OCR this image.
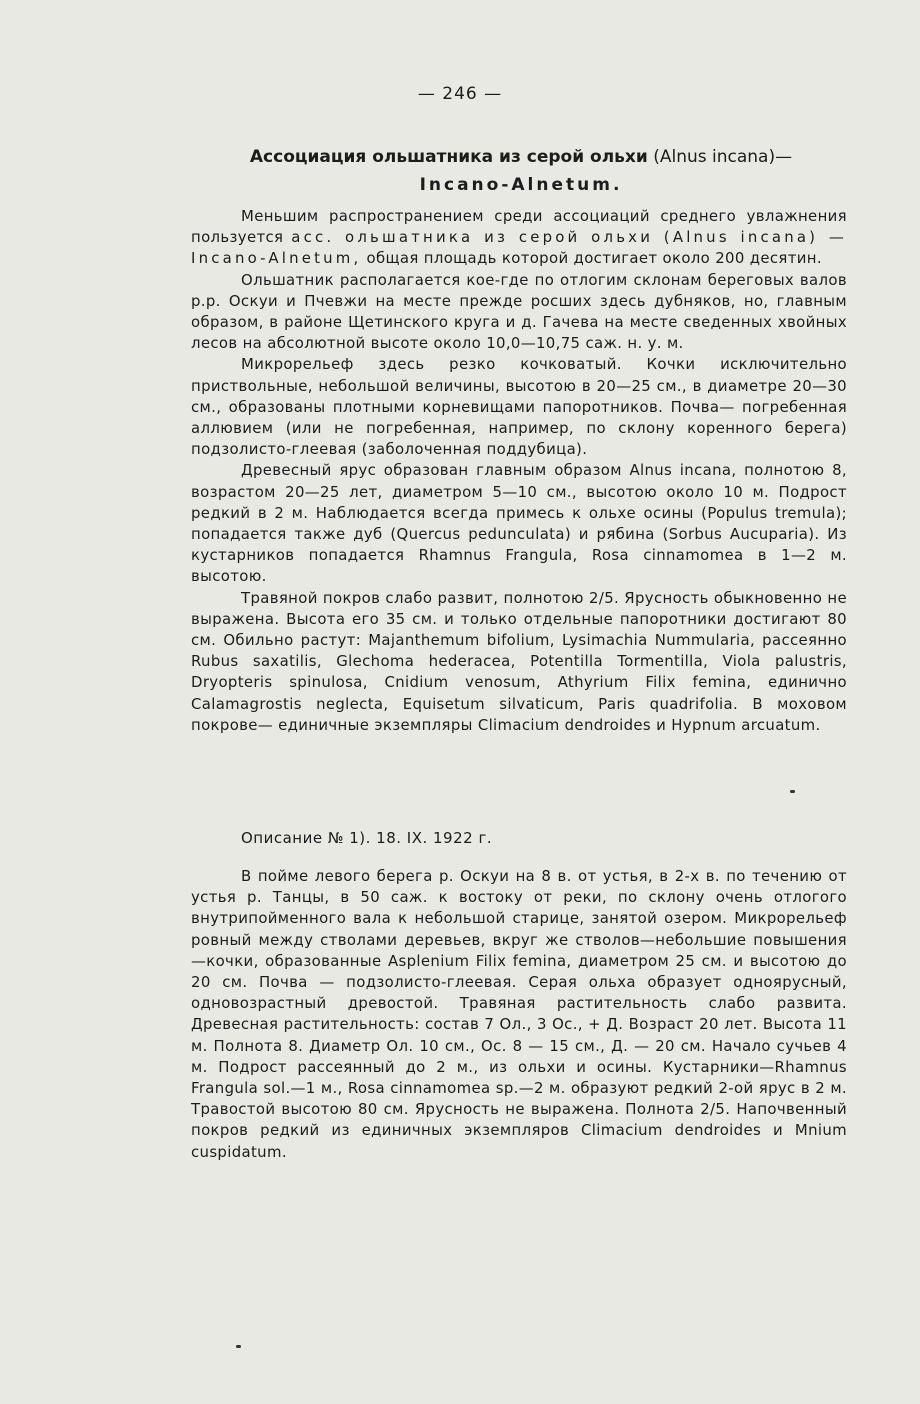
— 246 —
Ассоциация ольшатника из серой ольхи (Alnus incana)—
Incano-Alnetum.

Меньшим распространением среди ассоциаций среднего увлажнения пользуется асс. ольшатника из серой ольхи (Alnus incana) — Incano-Alnetum, общая площадь которой достигает около 200 десятин.

Ольшатник располагается кое-где по отлогим склонам береговых валов р.р. Оскуи и Пчевжи на месте прежде росших здесь дубняков, но, главным образом, в районе Щетинского круга и д. Гачева на месте сведенных хвойных лесов на абсолютной высоте около 10,0—10,75 саж. н. у. м.

Микрорельеф здесь резко кочковатый. Кочки исключительно приствольные, небольшой величины, высотою в 20—25 см., в диаметре 20—30 см., образованы плотными корневищами папоротников. Почва— погребенная аллювием (или не погребенная, например, по склону коренного берега) подзолисто-глеевая (заболоченная поддубица).

Древесный ярус образован главным образом Alnus incana, полнотою 8, возрастом 20—25 лет, диаметром 5—10 см., высотою около 10 м. Подрост редкий в 2 м. Наблюдается всегда примесь к ольхе осины (Populus tremula); попадается также дуб (Quercus pedunculata) и рябина (Sorbus Aucuparia). Из кустарников попадается Rhamnus Frangula, Rosa cinnamomea в 1—2 м. высотою.

Травяной покров слабо развит, полнотою 2/5. Ярусность обыкновенно не выражена. Высота его 35 см. и только отдельные папоротники достигают 80 см. Обильно растут: Majanthemum bifolium, Lysimachia Nummularia, рассеянно Rubus saxatilis, Glechoma hederacea, Potentilla Tormentilla, Viola palustris, Dryopteris spinulosa, Cnidium venosum, Athyrium Filix femina, единично Calamagrostis neglecta, Equisetum silvaticum, Paris quadrifolia. В моховом покрове— единичные экземпляры Climacium dendroides и Hypnum arcuatum.

Описание № 1). 18. IX. 1922 г.

В пойме левого берега р. Оскуи на 8 в. от устья, в 2-х в. по течению от устья р. Танцы, в 50 саж. к востоку от реки, по склону очень отлогого внутрипойменного вала к небольшой старице, занятой озером. Микрорельеф ровный между стволами деревьев, вкруг же стволов—небольшие повышения—кочки, образованные Asplenium Filix femina, диаметром 25 см. и высотою до 20 см. Почва — подзолисто-глеевая. Серая ольха образует одноярусный, одновозрастный древостой. Травяная растительность слабо развита. Древесная растительность: состав 7 Ол., 3 Ос., + Д. Возраст 20 лет. Высота 11 м. Полнота 8. Диаметр Ол. 10 см., Ос. 8 — 15 см., Д. — 20 см. Начало сучьев 4 м. Подрост рассеянный до 2 м., из ольхи и осины. Кустарники—Rhamnus Frangula sol.—1 м., Rosa cinnamomea sp.—2 м. образуют редкий 2-ой ярус в 2 м. Травостой высотою 80 см. Ярусность не выражена. Полнота 2/5. Напочвенный покров редкий из единичных экземпляров Climacium dendroides и Mnium cuspidatum.
